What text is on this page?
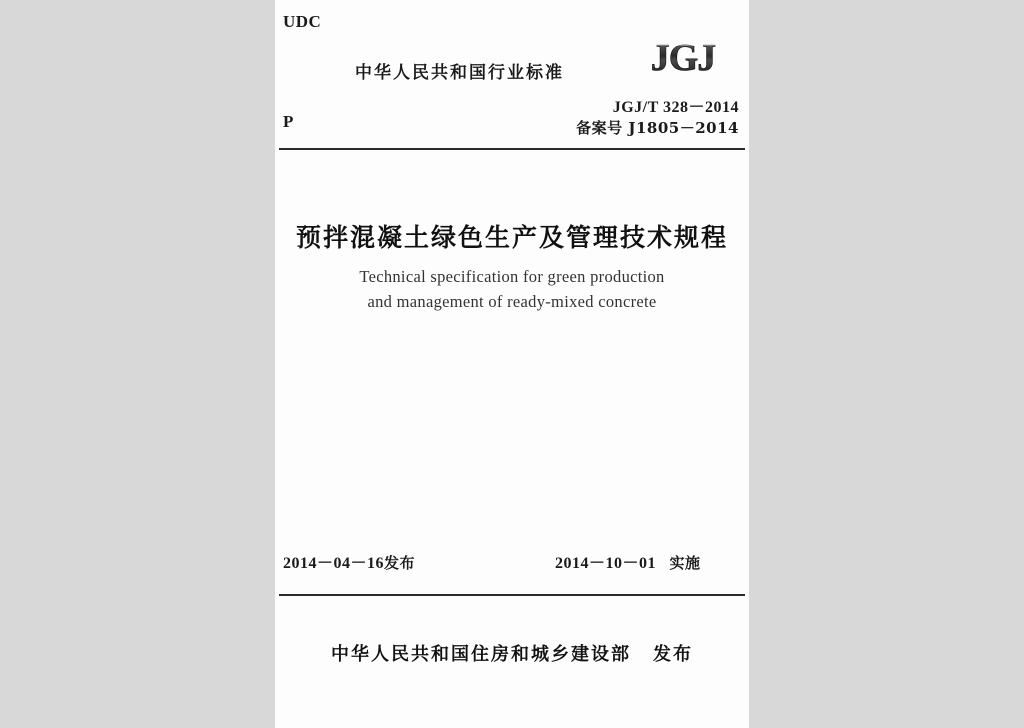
UDC
P
中华人民共和国行业标准 JGJ
JGJ/T 328－2014
备案号 J1805－2014
预拌混凝土绿色生产及管理技术规程
Technical specification for green production
and management of ready-mixed concrete
2014－04－16发布	2014－10－01 实施
中华人民共和国住房和城乡建设部 发布
